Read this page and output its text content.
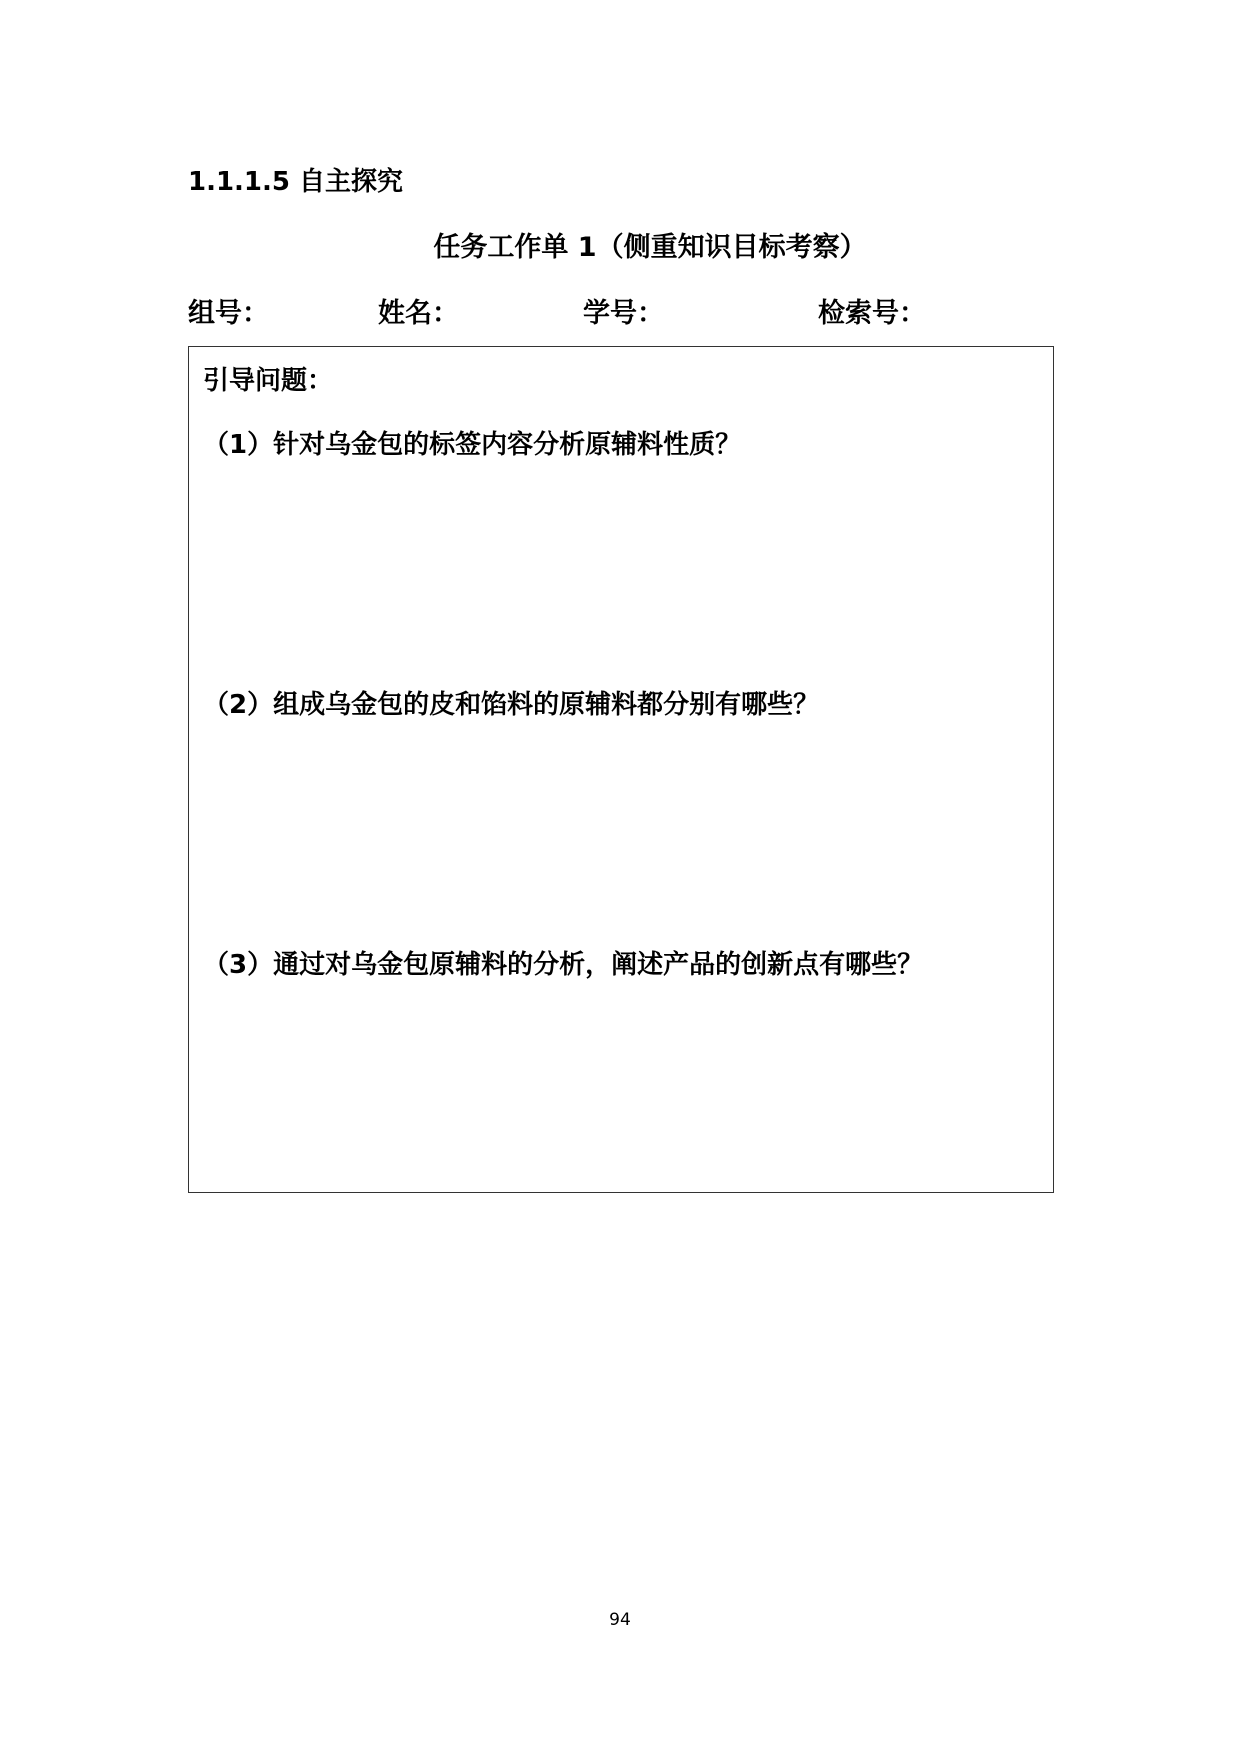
1.1.1.5 自主探究
任务工作单 1（侧重知识目标考察）
组号：	姓名：	学号：	检索号：
引导问题：
（1）针对乌金包的标签内容分析原辅料性质？
（2）组成乌金包的皮和馅料的原辅料都分别有哪些？
（3）通过对乌金包原辅料的分析，阐述产品的创新点有哪些？
94
